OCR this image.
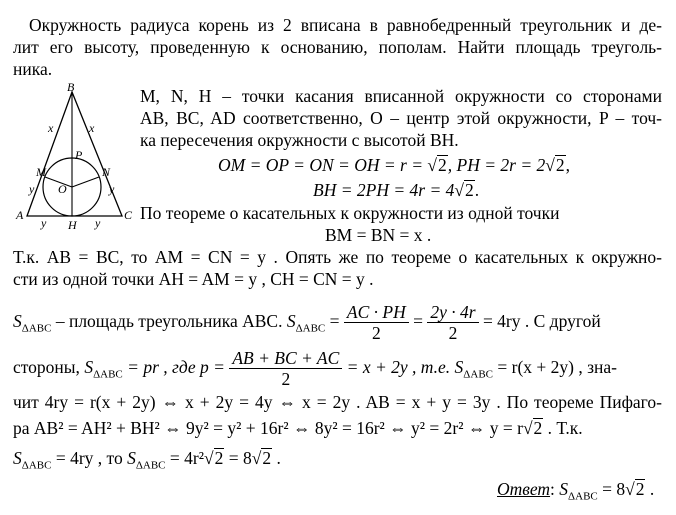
Окружность радиуса корень из 2 вписана в равнобедренный треугольник и де-
лит его высоту, проведенную к основанию, пополам. Найти площадь треуголь-
ника.
B
M	N
P
O
A
H
C
x	x
y	y
y	y
M, N, H – точки касания вписанной окружности со сторонами
AB, BC, AD соответственно, O – центр этой окружности, P – точ-
ка пересечения окружности с высотой BH.
OM = OP = ON = OH = r = √2, PH = 2r = 2√2,
BH = 2PH = 4r = 4√2.
По теореме о касательных к окружности из одной точки
BM = BN = x .
Т.к. AB = BC, то AM = CN = y . Опять же по теореме о касательных к окружно-
сти из одной точки AH = AM = y , CH = CN = y .
$S_{\Delta ABC}$ – площадь треугольника ABC. $S_{\Delta ABC} = \frac{AC \cdot PH}{2} = \frac{2y \cdot 4r}{2} = 4ry$ . С другой
стороны, $S_{\Delta ABC}$ = pr , где $p = \frac{AB + BC + AC}{2} = x + 2y$ , т.е. $S_{\Delta ABC} = r(x + 2y)$ , зна-
чит 4ry = r(x + 2y) ⇔ x + 2y = 4y ⇔ x = 2y . AB = x + y = 3y . По теореме Пифаго-
ра AB² = AH² + BH² ⇔ 9y² = y² + 16r² ⇔ 8y² = 16r² ⇔ y² = 2r² ⇔ y = r√2 . Т.к.
$S_{\Delta ABC} = 4ry$ , то $S_{\Delta ABC} = 4r^2√2 = 8√2$ .
Ответ: $S_{\Delta ABC} = 8√2$ .
